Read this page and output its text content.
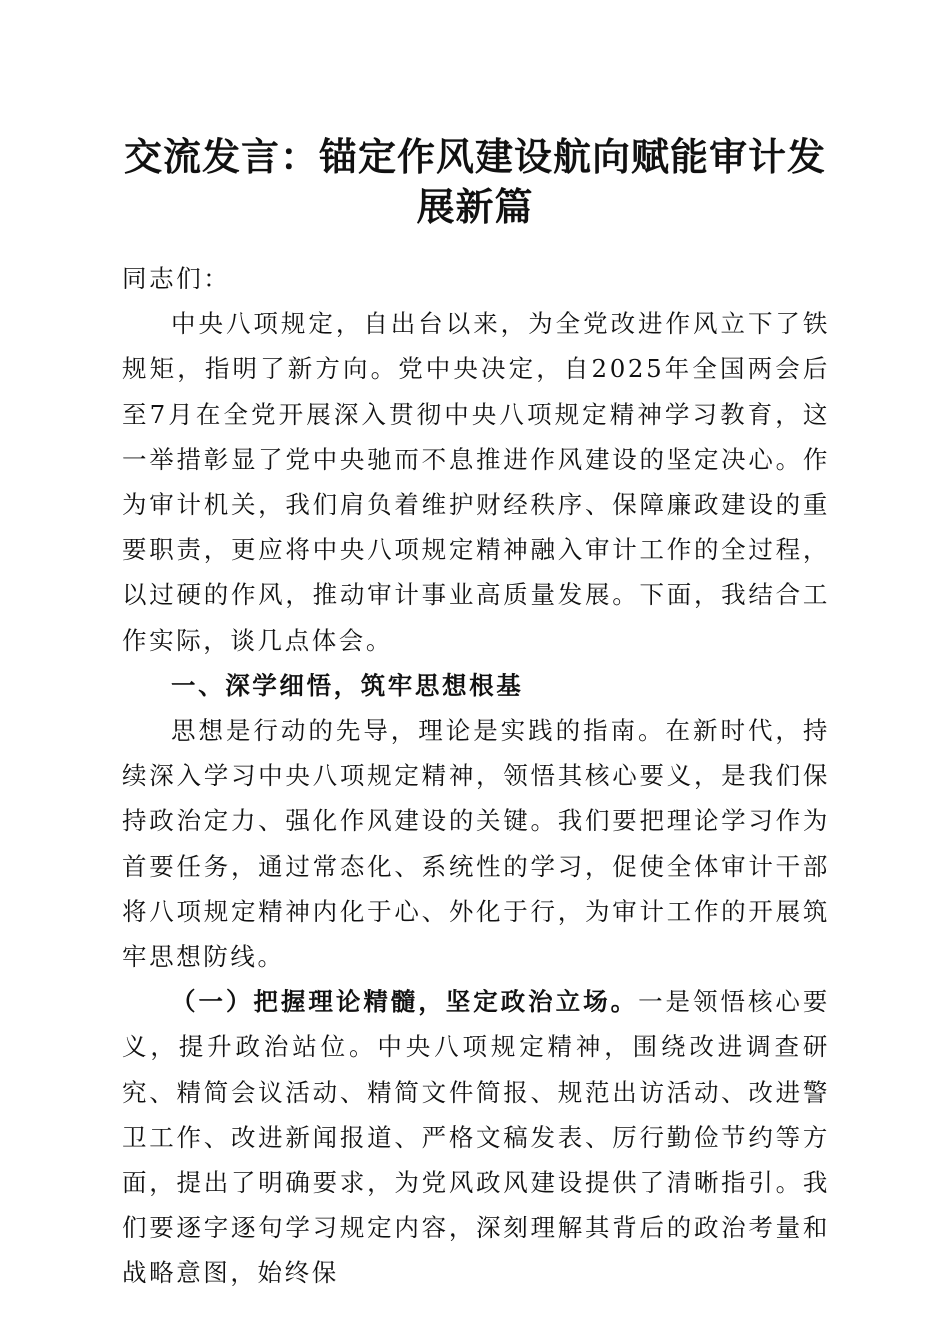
交流发言：锚定作风建设航向赋能审计发展新篇

同志们：

中央八项规定，自出台以来，为全党改进作风立下了铁规矩，指明了新方向。党中央决定，自2025年全国两会后至7月在全党开展深入贯彻中央八项规定精神学习教育，这一举措彰显了党中央驰而不息推进作风建设的坚定决心。作为审计机关，我们肩负着维护财经秩序、保障廉政建设的重要职责，更应将中央八项规定精神融入审计工作的全过程，以过硬的作风，推动审计事业高质量发展。下面，我结合工作实际，谈几点体会。

一、深学细悟，筑牢思想根基

思想是行动的先导，理论是实践的指南。在新时代，持续深入学习中央八项规定精神，领悟其核心要义，是我们保持政治定力、强化作风建设的关键。我们要把理论学习作为首要任务，通过常态化、系统性的学习，促使全体审计干部将八项规定精神内化于心、外化于行，为审计工作的开展筑牢思想防线。

（一）把握理论精髓，坚定政治立场。一是领悟核心要义，提升政治站位。中央八项规定精神，围绕改进调查研究、精简会议活动、精简文件简报、规范出访活动、改进警卫工作、改进新闻报道、严格文稿发表、厉行勤俭节约等方面，提出了明确要求，为党风政风建设提供了清晰指引。我们要逐字逐句学习规定内容，深刻理解其背后的政治考量和战略意图，始终保
